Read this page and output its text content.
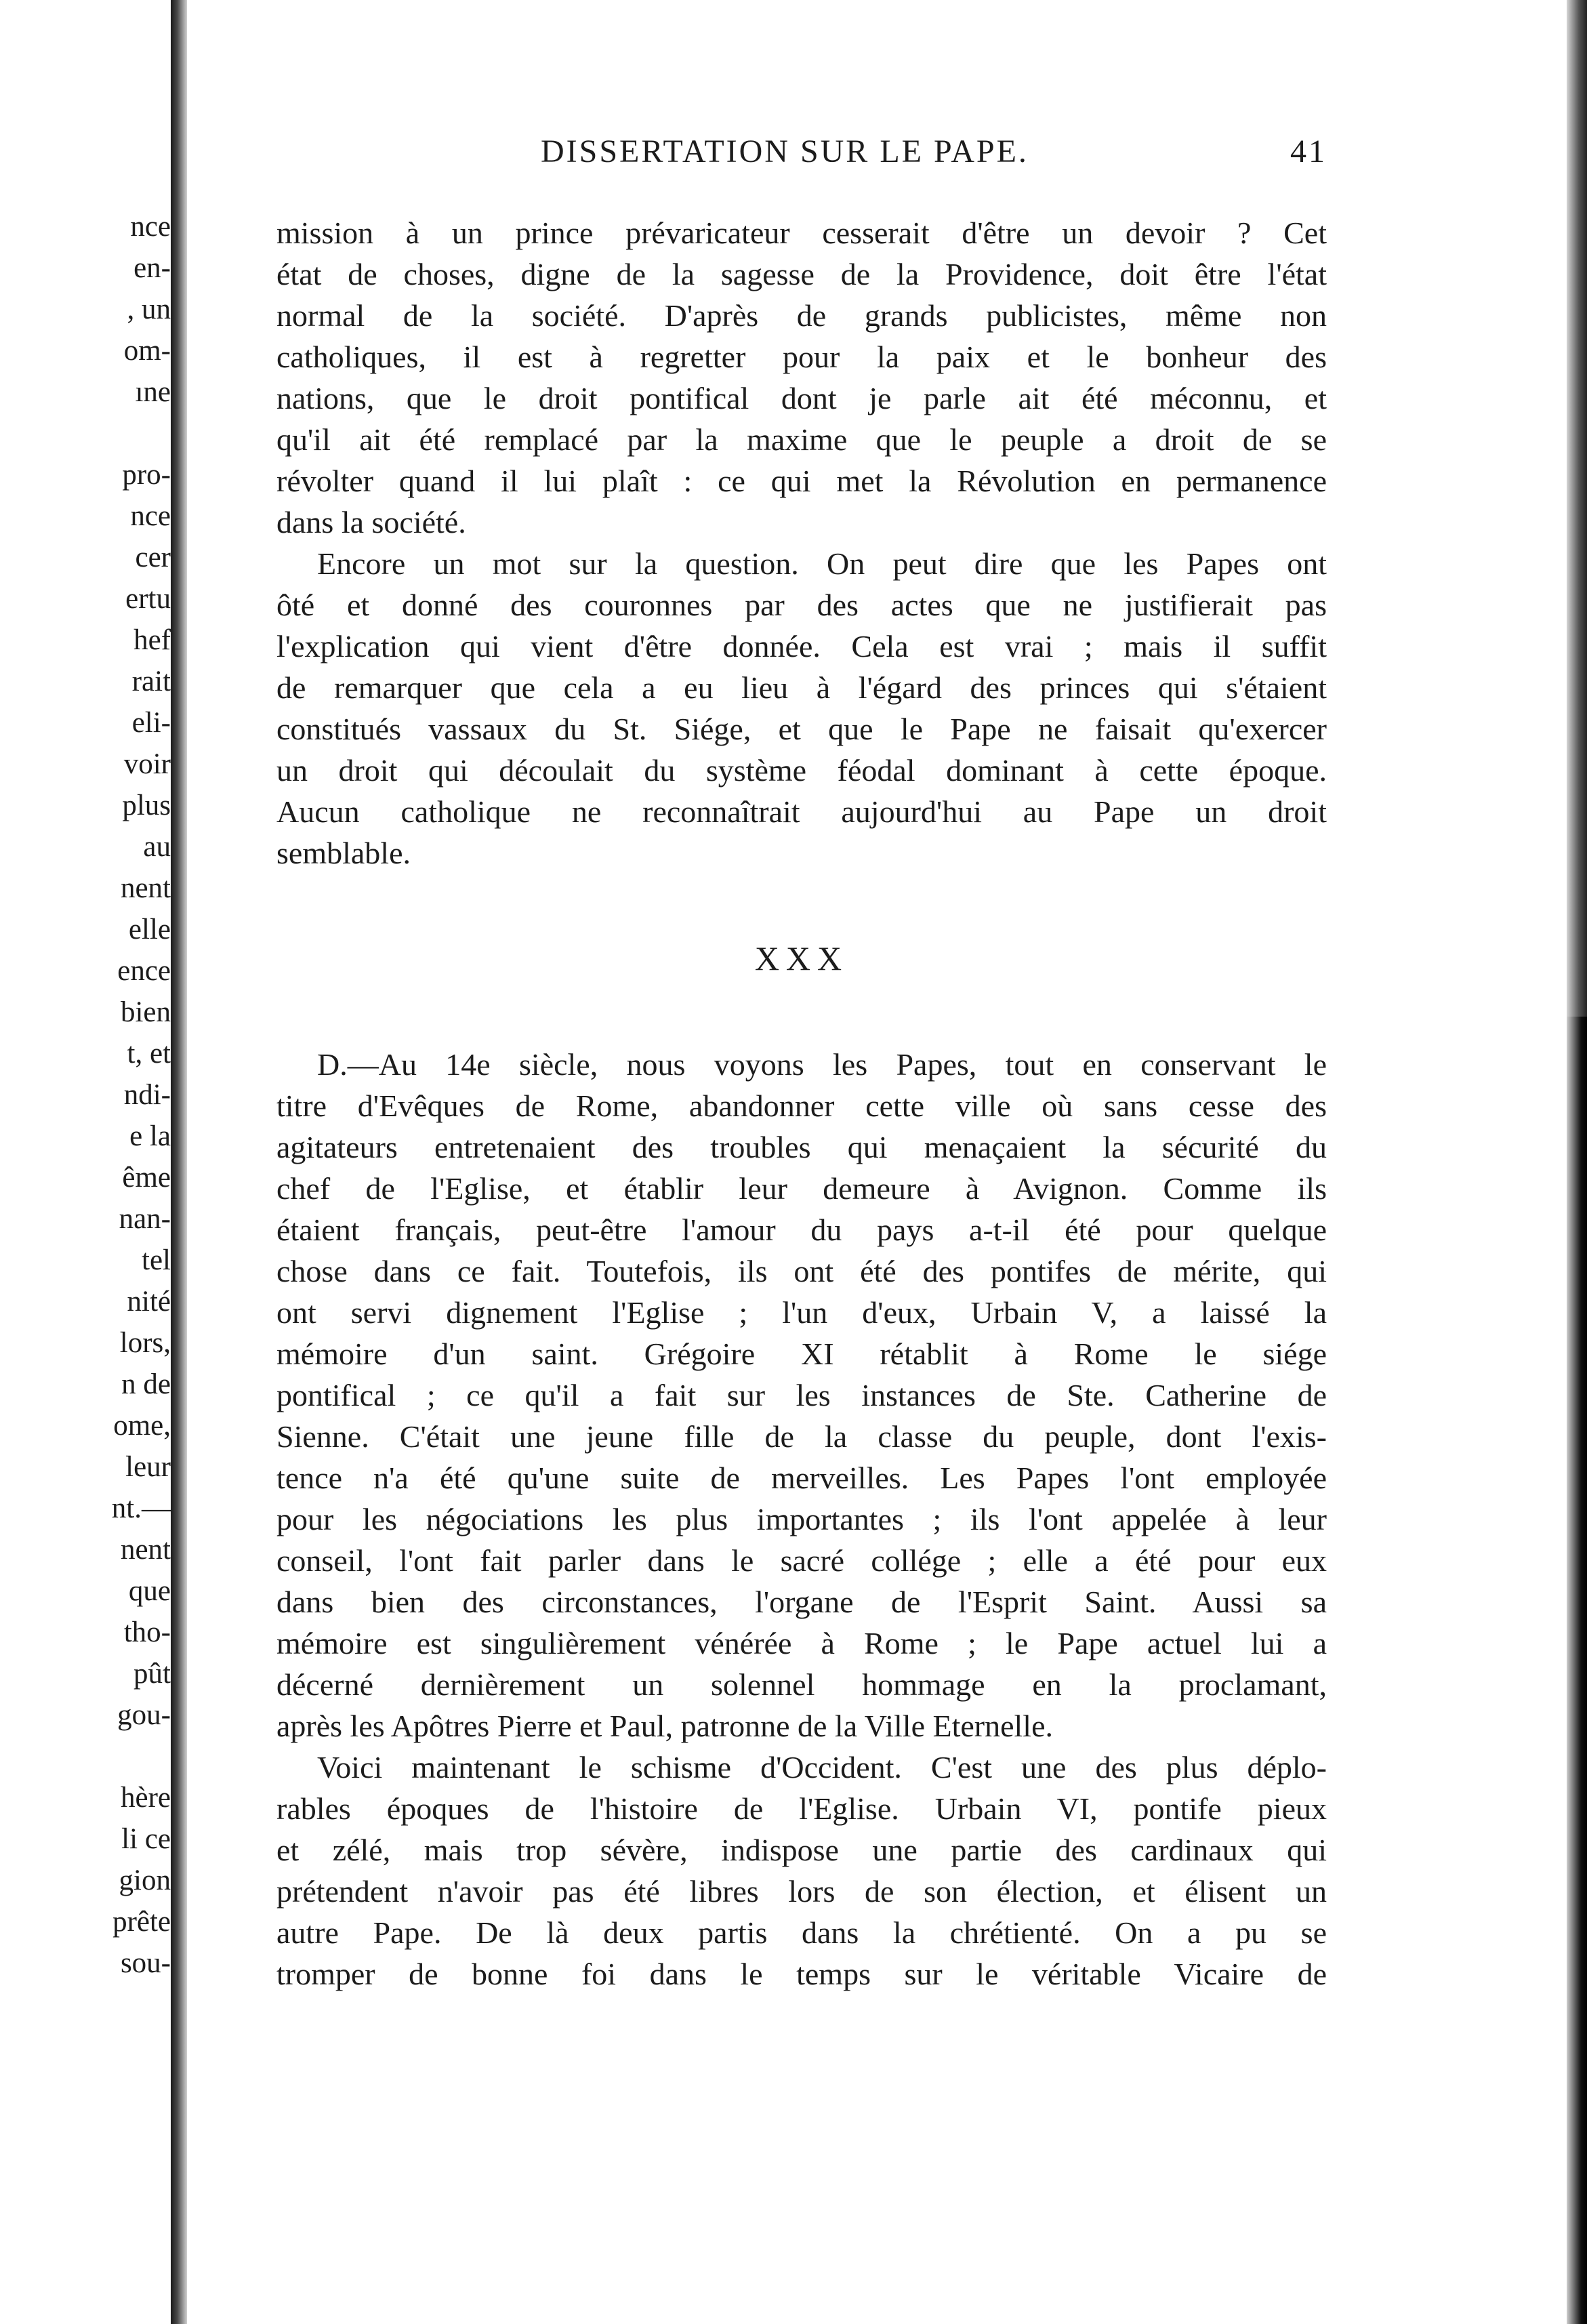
nce
en-
, un
om-
ıne
pro-
nce
cer
ertu
hef
rait
eli-
voir
plus
au
nent
elle
ence
bien
t, et
ndi-
e la
ême
nan-
tel
nité
lors,
n de
ome,
leur
nt.—
nent
que
tho-
pût
gou-
hère
li ce
gion
prête
sou-
DISSERTATION SUR LE PAPE.	41
mission à un prince prévaricateur cesserait d'être un devoir ? Cet
état de choses, digne de la sagesse de la Providence, doit être l'état
normal de la société. D'après de grands publicistes, même non
catholiques, il est à regretter pour la paix et le bonheur des
nations, que le droit pontifical dont je parle ait été méconnu, et
qu'il ait été remplacé par la maxime que le peuple a droit de se
révolter quand il lui plaît : ce qui met la Révolution en permanence
dans la société.
Encore un mot sur la question. On peut dire que les Papes ont
ôté et donné des couronnes par des actes que ne justifierait pas
l'explication qui vient d'être donnée. Cela est vrai ; mais il suffit
de remarquer que cela a eu lieu à l'égard des princes qui s'étaient
constitués vassaux du St. Siége, et que le Pape ne faisait qu'exercer
un droit qui découlait du système féodal dominant à cette époque.
Aucun catholique ne reconnaîtrait aujourd'hui au Pape un droit
semblable.
XXX
D.—Au 14e siècle, nous voyons les Papes, tout en conservant le
titre d'Evêques de Rome, abandonner cette ville où sans cesse des
agitateurs entretenaient des troubles qui menaçaient la sécurité du
chef de l'Eglise, et établir leur demeure à Avignon. Comme ils
étaient français, peut-être l'amour du pays a-t-il été pour quelque
chose dans ce fait. Toutefois, ils ont été des pontifes de mérite, qui
ont servi dignement l'Eglise ; l'un d'eux, Urbain V, a laissé la
mémoire d'un saint. Grégoire XI rétablit à Rome le siége
pontifical ; ce qu'il a fait sur les instances de Ste. Catherine de
Sienne. C'était une jeune fille de la classe du peuple, dont l'exis-
tence n'a été qu'une suite de merveilles. Les Papes l'ont employée
pour les négociations les plus importantes ; ils l'ont appelée à leur
conseil, l'ont fait parler dans le sacré collége ; elle a été pour eux
dans bien des circonstances, l'organe de l'Esprit Saint. Aussi sa
mémoire est singulièrement vénérée à Rome ; le Pape actuel lui a
décerné dernièrement un solennel hommage en la proclamant,
après les Apôtres Pierre et Paul, patronne de la Ville Eternelle.
Voici maintenant le schisme d'Occident. C'est une des plus déplo-
rables époques de l'histoire de l'Eglise. Urbain VI, pontife pieux
et zélé, mais trop sévère, indispose une partie des cardinaux qui
prétendent n'avoir pas été libres lors de son élection, et élisent un
autre Pape. De là deux partis dans la chrétienté. On a pu se
tromper de bonne foi dans le temps sur le véritable Vicaire de
